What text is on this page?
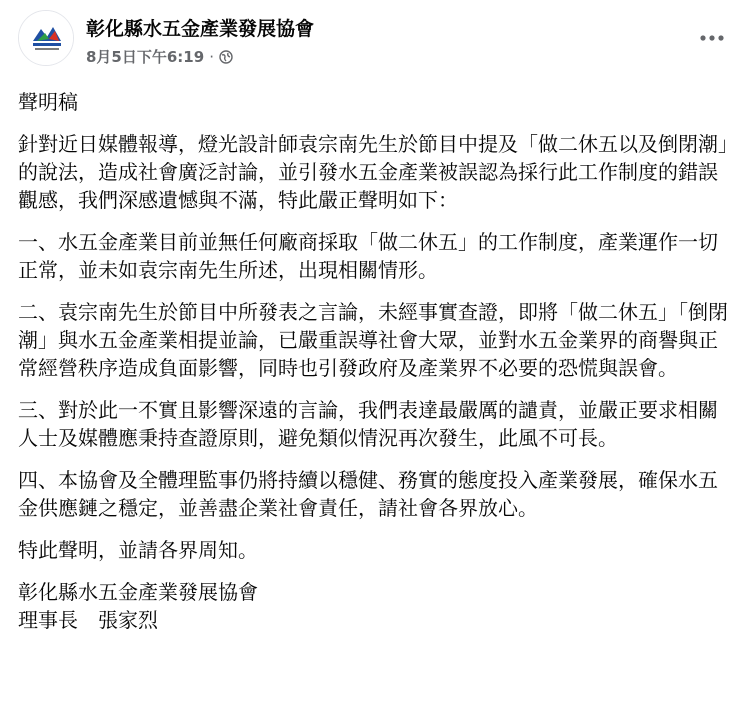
彰化縣水五金產業發展協會
8月5日下午6:19 ·

聲明稿

針對近日媒體報導，燈光設計師袁宗南先生於節目中提及「做二休五以及倒閉潮」的說法，造成社會廣泛討論，並引發水五金產業被誤認為採行此工作制度的錯誤觀感，我們深感遺憾與不滿，特此嚴正聲明如下：

一、水五金產業目前並無任何廠商採取「做二休五」的工作制度，產業運作一切正常，並未如袁宗南先生所述，出現相關情形。

二、袁宗南先生於節目中所發表之言論，未經事實查證，即將「做二休五」「倒閉潮」與水五金產業相提並論，已嚴重誤導社會大眾，並對水五金業界的商譽與正常經營秩序造成負面影響，同時也引發政府及產業界不必要的恐慌與誤會。

三、對於此一不實且影響深遠的言論，我們表達最嚴厲的譴責，並嚴正要求相關人士及媒體應秉持查證原則，避免類似情況再次發生，此風不可長。

四、本協會及全體理監事仍將持續以穩健、務實的態度投入產業發展，確保水五金供應鏈之穩定，並善盡企業社會責任，請社會各界放心。

特此聲明，並請各界周知。

彰化縣水五金產業發展協會

理事長　張家烈
